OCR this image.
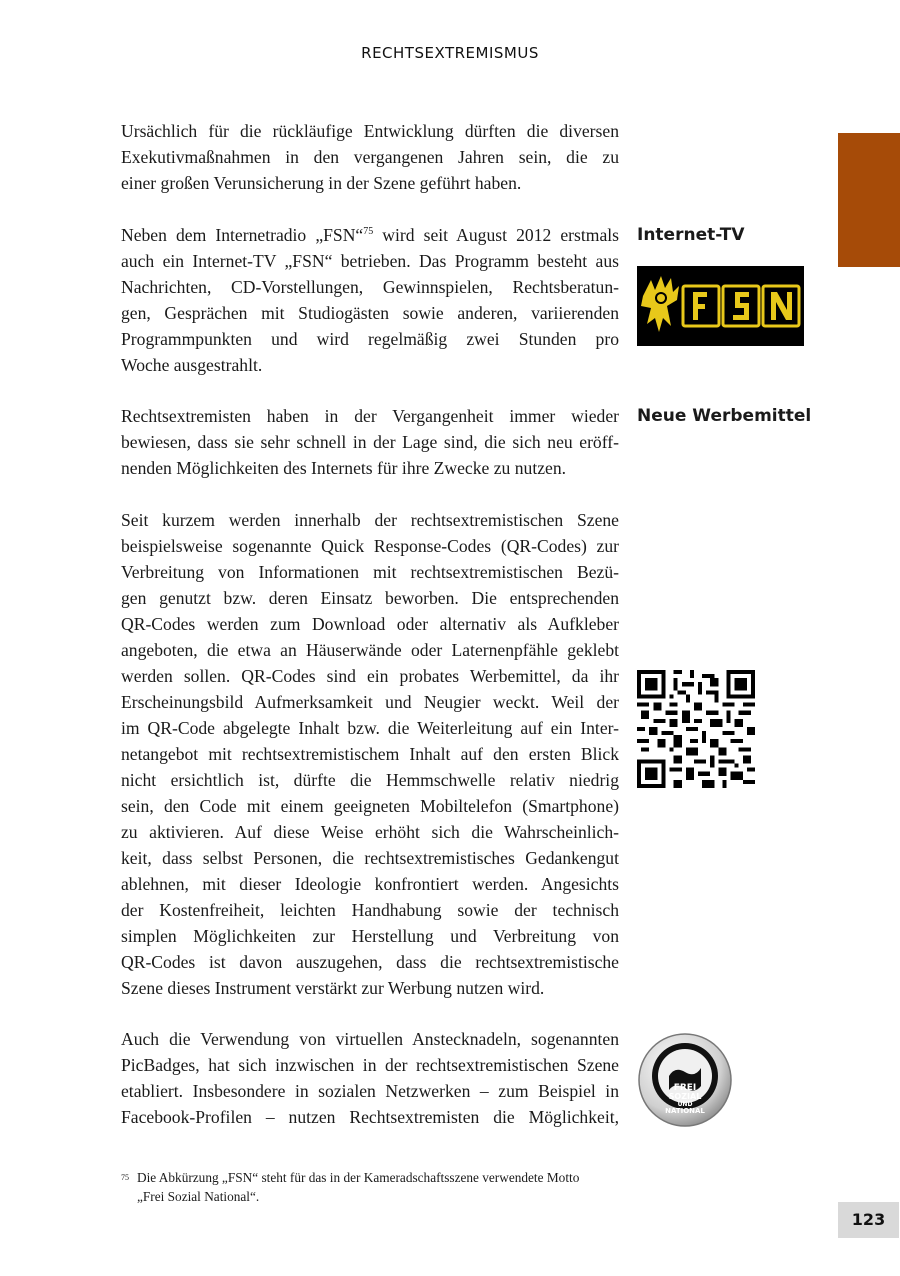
RECHTSEXTREMISMUS
Ursächlich für die rückläufige Entwicklung dürften die diversen
Exekutivmaßnahmen in den vergangenen Jahren sein, die zu
einer großen Verunsicherung in der Szene geführt haben.
Neben dem Internetradio „FSN“$^{75}$ wird seit August 2012 erstmals
auch ein Internet-TV „FSN“ betrieben. Das Programm besteht aus
Nachrichten, CD-Vorstellungen, Gewinnspielen, Rechtsberatun-
gen, Gesprächen mit Studiogästen sowie anderen, variierenden
Programmpunkten und wird regelmäßig zwei Stunden pro
Woche ausgestrahlt.
Rechtsextremisten haben in der Vergangenheit immer wieder
bewiesen, dass sie sehr schnell in der Lage sind, die sich neu eröff-
nenden Möglichkeiten des Internets für ihre Zwecke zu nutzen.
Seit kurzem werden innerhalb der rechtsextremistischen Szene
beispielsweise sogenannte Quick Response-Codes (QR-Codes) zur
Verbreitung von Informationen mit rechtsextremistischen Bezü-
gen genutzt bzw. deren Einsatz beworben. Die entsprechenden
QR-Codes werden zum Download oder alternativ als Aufkleber
angeboten, die etwa an Häuserwände oder Laternenpfähle geklebt
werden sollen. QR-Codes sind ein probates Werbemittel, da ihr
Erscheinungsbild Aufmerksamkeit und Neugier weckt. Weil der
im QR-Code abgelegte Inhalt bzw. die Weiterleitung auf ein Inter-
netangebot mit rechtsextremistischem Inhalt auf den ersten Blick
nicht ersichtlich ist, dürfte die Hemmschwelle relativ niedrig
sein, den Code mit einem geeigneten Mobiltelefon (Smartphone)
zu aktivieren. Auf diese Weise erhöht sich die Wahrscheinlich-
keit, dass selbst Personen, die rechtsextremistisches Gedankengut
ablehnen, mit dieser Ideologie konfrontiert werden. Angesichts
der Kostenfreiheit, leichten Handhabung sowie der technisch
simplen Möglichkeiten zur Herstellung und Verbreitung von
QR-Codes ist davon auszugehen, dass die rechtsextremistische
Szene dieses Instrument verstärkt zur Werbung nutzen wird.
Auch die Verwendung von virtuellen Anstecknadeln, sogenannten
PicBadges, hat sich inzwischen in der rechtsextremistischen Szene
etabliert. Insbesondere in sozialen Netzwerken – zum Beispiel in
Facebook-Profilen – nutzen Rechtsextremisten die Möglichkeit,
Internet-TV
Neue Werbemittel
FREI
SOZIAL
UND
NATIONAL
75 Die Abkürzung „FSN“ steht für das in der Kameradschaftsszene verwendete Motto
„Frei Sozial National“.
123
